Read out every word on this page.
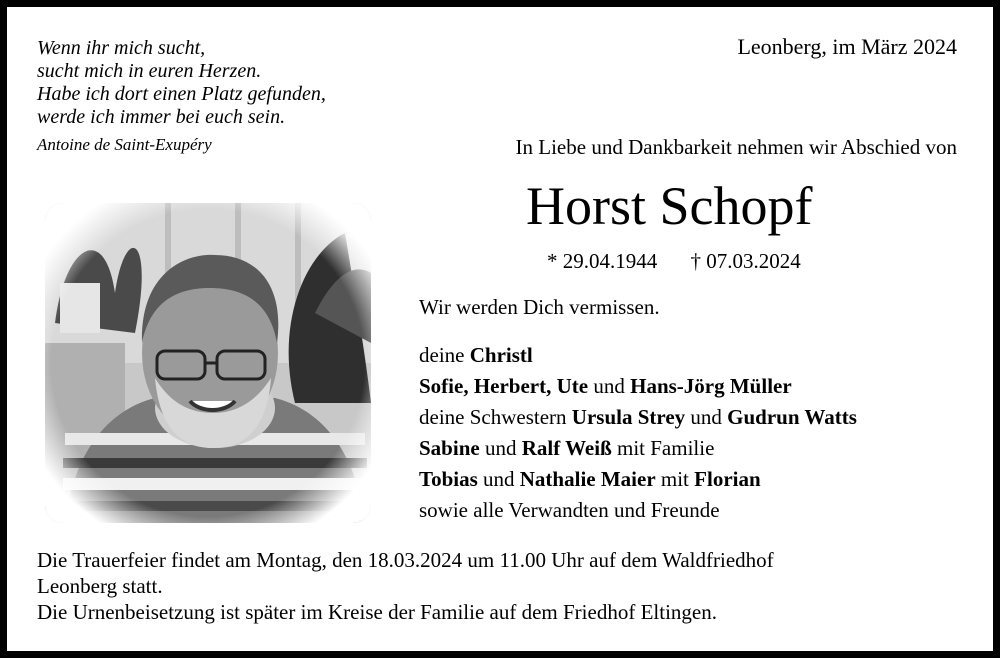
Wenn ihr mich sucht,
sucht mich in euren Herzen.
Habe ich dort einen Platz gefunden,
werde ich immer bei euch sein.
Antoine de Saint-Exupéry
Leonberg, im März 2024
In Liebe und Dankbarkeit nehmen wir Abschied von
Horst Schopf
* 29.04.1944 † 07.03.2024
Wir werden Dich vermissen.
deine Christl
Sofie, Herbert, Ute und Hans-Jörg Müller
deine Schwestern Ursula Strey und Gudrun Watts
Sabine und Ralf Weiß mit Familie
Tobias und Nathalie Maier mit Florian
sowie alle Verwandten und Freunde
Die Trauerfeier findet am Montag, den 18.03.2024 um 11.00 Uhr auf dem Waldfriedhof
Leonberg statt.
Die Urnenbeisetzung ist später im Kreise der Familie auf dem Friedhof Eltingen.
